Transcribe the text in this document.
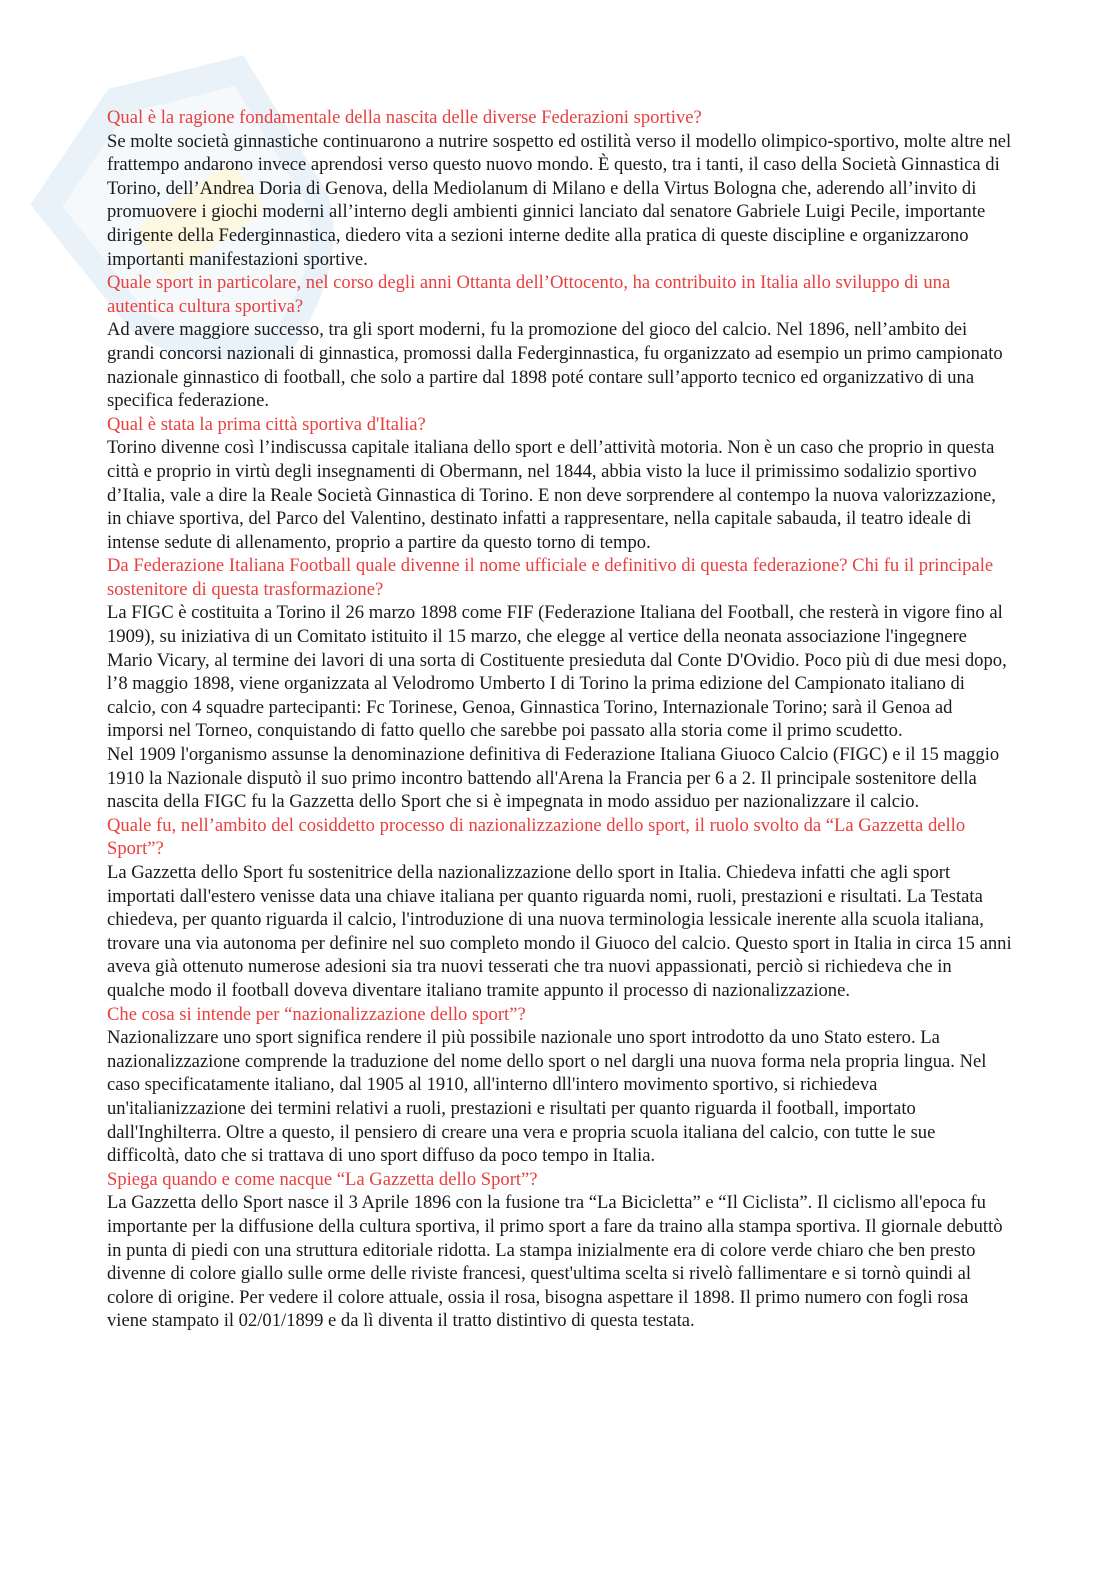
Qual è la ragione fondamentale della nascita delle diverse Federazioni sportive?

Se molte società ginnastiche continuarono a nutrire sospetto ed ostilità verso il modello olimpico-sportivo, molte altre nel frattempo andarono invece aprendosi verso questo nuovo mondo. È questo, tra i tanti, il caso della Società Ginnastica di Torino, dell’Andrea Doria di Genova, della Mediolanum di Milano e della Virtus Bologna che, aderendo all’invito di promuovere i giochi moderni all’interno degli ambienti ginnici lanciato dal senatore Gabriele Luigi Pecile, importante dirigente della Federginnastica, diedero vita a sezioni interne dedite alla pratica di queste discipline e organizzarono importanti manifestazioni sportive.

Quale sport in particolare, nel corso degli anni Ottanta dell’Ottocento, ha contribuito in Italia allo sviluppo di una autentica cultura sportiva?

Ad avere maggiore successo, tra gli sport moderni, fu la promozione del gioco del calcio. Nel 1896, nell’ambito dei grandi concorsi nazionali di ginnastica, promossi dalla Federginnastica, fu organizzato ad esempio un primo campionato nazionale ginnastico di football, che solo a partire dal 1898 poté contare sull’apporto tecnico ed organizzativo di una specifica federazione.

Qual è stata la prima città sportiva d'Italia?

Torino divenne così l’indiscussa capitale italiana dello sport e dell’attività motoria. Non è un caso che proprio in questa città e proprio in virtù degli insegnamenti di Obermann, nel 1844, abbia visto la luce il primissimo sodalizio sportivo d’Italia, vale a dire la Reale Società Ginnastica di Torino. E non deve sorprendere al contempo la nuova valorizzazione, in chiave sportiva, del Parco del Valentino, destinato infatti a rappresentare, nella capitale sabauda, il teatro ideale di intense sedute di allenamento, proprio a partire da questo torno di tempo.

Da Federazione Italiana Football quale divenne il nome ufficiale e definitivo di questa federazione? Chi fu il principale sostenitore di questa trasformazione?

La FIGC è costituita a Torino il 26 marzo 1898 come FIF (Federazione Italiana del Football, che resterà in vigore fino al 1909), su iniziativa di un Comitato istituito il 15 marzo, che elegge al vertice della neonata associazione l'ingegnere Mario Vicary, al termine dei lavori di una sorta di Costituente presieduta dal Conte D'Ovidio. Poco più di due mesi dopo, l’8 maggio 1898, viene organizzata al Velodromo Umberto I di Torino la prima edizione del Campionato italiano di calcio, con 4 squadre partecipanti: Fc Torinese, Genoa, Ginnastica Torino, Internazionale Torino; sarà il Genoa ad imporsi nel Torneo, conquistando di fatto quello che sarebbe poi passato alla storia come il primo scudetto.

Nel 1909 l'organismo assunse la denominazione definitiva di Federazione Italiana Giuoco Calcio (FIGC) e il 15 maggio 1910 la Nazionale disputò il suo primo incontro battendo all'Arena la Francia per 6 a 2. Il principale sostenitore della nascita della FIGC fu la Gazzetta dello Sport che si è impegnata in modo assiduo per nazionalizzare il calcio.

Quale fu, nell’ambito del cosiddetto processo di nazionalizzazione dello sport, il ruolo svolto da “La Gazzetta dello Sport”?

La Gazzetta dello Sport fu sostenitrice della nazionalizzazione dello sport in Italia. Chiedeva infatti che agli sport importati dall'estero venisse data una chiave italiana per quanto riguarda nomi, ruoli, prestazioni e risultati. La Testata chiedeva, per quanto riguarda il calcio, l'introduzione di una nuova terminologia lessicale inerente alla scuola italiana, trovare una via autonoma per definire nel suo completo mondo il Giuoco del calcio. Questo sport in Italia in circa 15 anni aveva già ottenuto numerose adesioni sia tra nuovi tesserati che tra nuovi appassionati, perciò si richiedeva che in qualche modo il football doveva diventare italiano tramite appunto il processo di nazionalizzazione.

Che cosa si intende per “nazionalizzazione dello sport”?

Nazionalizzare uno sport significa rendere il più possibile nazionale uno sport introdotto da uno Stato estero. La nazionalizzazione comprende la traduzione del nome dello sport o nel dargli una nuova forma nela propria lingua. Nel caso specificatamente italiano, dal 1905 al 1910, all'interno dll'intero movimento sportivo, si richiedeva un'italianizzazione dei termini relativi a ruoli, prestazioni e risultati per quanto riguarda il football, importato dall'Inghilterra. Oltre a questo, il pensiero di creare una vera e propria scuola italiana del calcio, con tutte le sue difficoltà, dato che si trattava di uno sport diffuso da poco tempo in Italia.

Spiega quando e come nacque “La Gazzetta dello Sport”?

La Gazzetta dello Sport nasce il 3 Aprile 1896 con la fusione tra “La Bicicletta” e “Il Ciclista”. Il ciclismo all'epoca fu importante per la diffusione della cultura sportiva, il primo sport a fare da traino alla stampa sportiva. Il giornale debuttò in punta di piedi con una struttura editoriale ridotta. La stampa inizialmente era di colore verde chiaro che ben presto divenne di colore giallo sulle orme delle riviste francesi, quest'ultima scelta si rivelò fallimentare e si tornò quindi al colore di origine. Per vedere il colore attuale, ossia il rosa, bisogna aspettare il 1898. Il primo numero con fogli rosa viene stampato il 02/01/1899 e da lì diventa il tratto distintivo di questa testata.
